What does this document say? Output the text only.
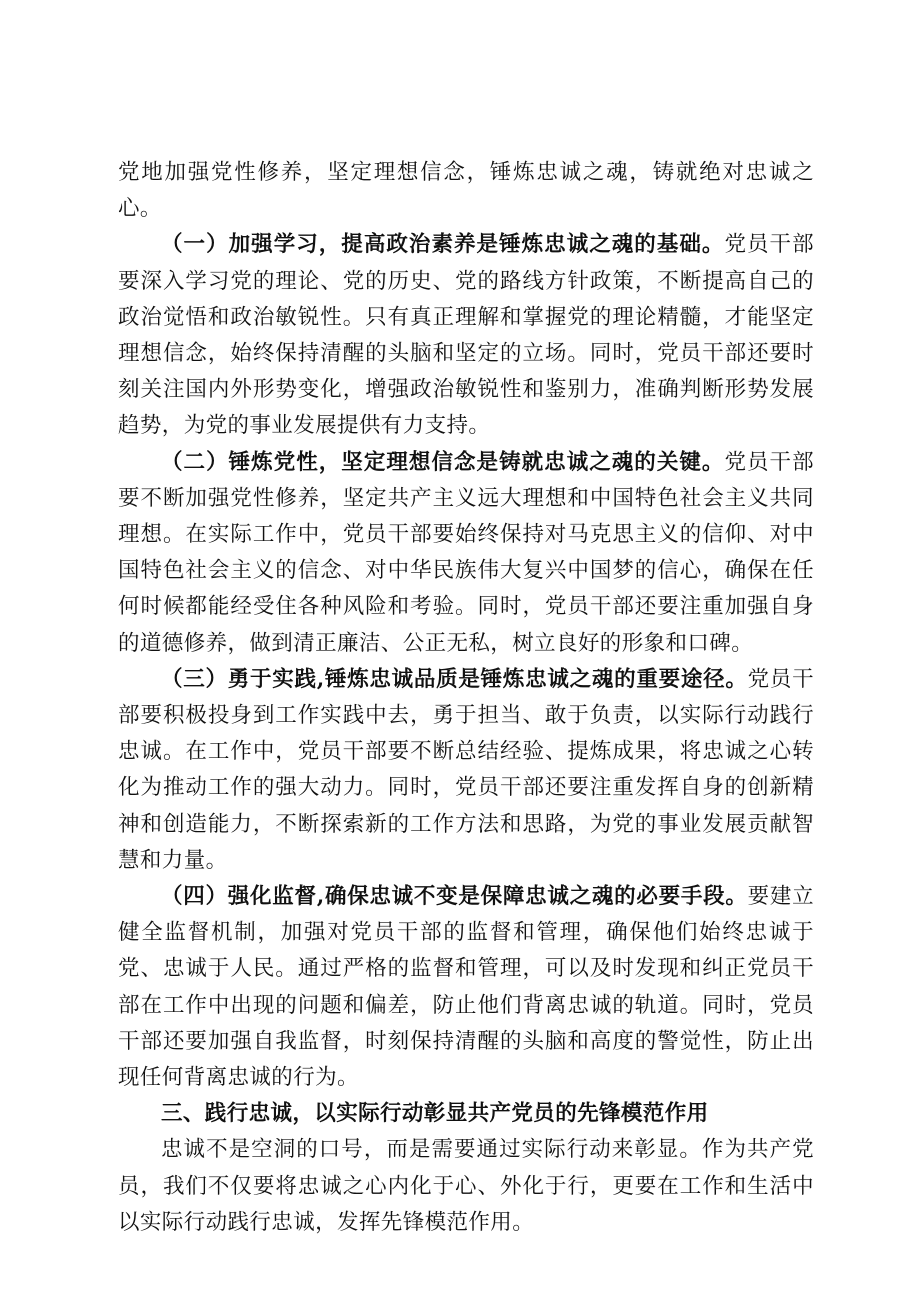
党地加强党性修养，坚定理想信念，锤炼忠诚之魂，铸就绝对忠诚之心。

（一）加强学习，提高政治素养是锤炼忠诚之魂的基础。党员干部要深入学习党的理论、党的历史、党的路线方针政策，不断提高自己的政治觉悟和政治敏锐性。只有真正理解和掌握党的理论精髓，才能坚定理想信念，始终保持清醒的头脑和坚定的立场。同时，党员干部还要时刻关注国内外形势变化，增强政治敏锐性和鉴别力，准确判断形势发展趋势，为党的事业发展提供有力支持。

（二）锤炼党性，坚定理想信念是铸就忠诚之魂的关键。党员干部要不断加强党性修养，坚定共产主义远大理想和中国特色社会主义共同理想。在实际工作中，党员干部要始终保持对马克思主义的信仰、对中国特色社会主义的信念、对中华民族伟大复兴中国梦的信心，确保在任何时候都能经受住各种风险和考验。同时，党员干部还要注重加强自身的道德修养，做到清正廉洁、公正无私，树立良好的形象和口碑。

（三）勇于实践,锤炼忠诚品质是锤炼忠诚之魂的重要途径。党员干部要积极投身到工作实践中去，勇于担当、敢于负责，以实际行动践行忠诚。在工作中，党员干部要不断总结经验、提炼成果，将忠诚之心转化为推动工作的强大动力。同时，党员干部还要注重发挥自身的创新精神和创造能力，不断探索新的工作方法和思路，为党的事业发展贡献智慧和力量。

（四）强化监督,确保忠诚不变是保障忠诚之魂的必要手段。要建立健全监督机制，加强对党员干部的监督和管理，确保他们始终忠诚于党、忠诚于人民。通过严格的监督和管理，可以及时发现和纠正党员干部在工作中出现的问题和偏差，防止他们背离忠诚的轨道。同时，党员干部还要加强自我监督，时刻保持清醒的头脑和高度的警觉性，防止出现任何背离忠诚的行为。

三、践行忠诚，以实际行动彰显共产党员的先锋模范作用

忠诚不是空洞的口号，而是需要通过实际行动来彰显。作为共产党员，我们不仅要将忠诚之心内化于心、外化于行，更要在工作和生活中以实际行动践行忠诚，发挥先锋模范作用。
